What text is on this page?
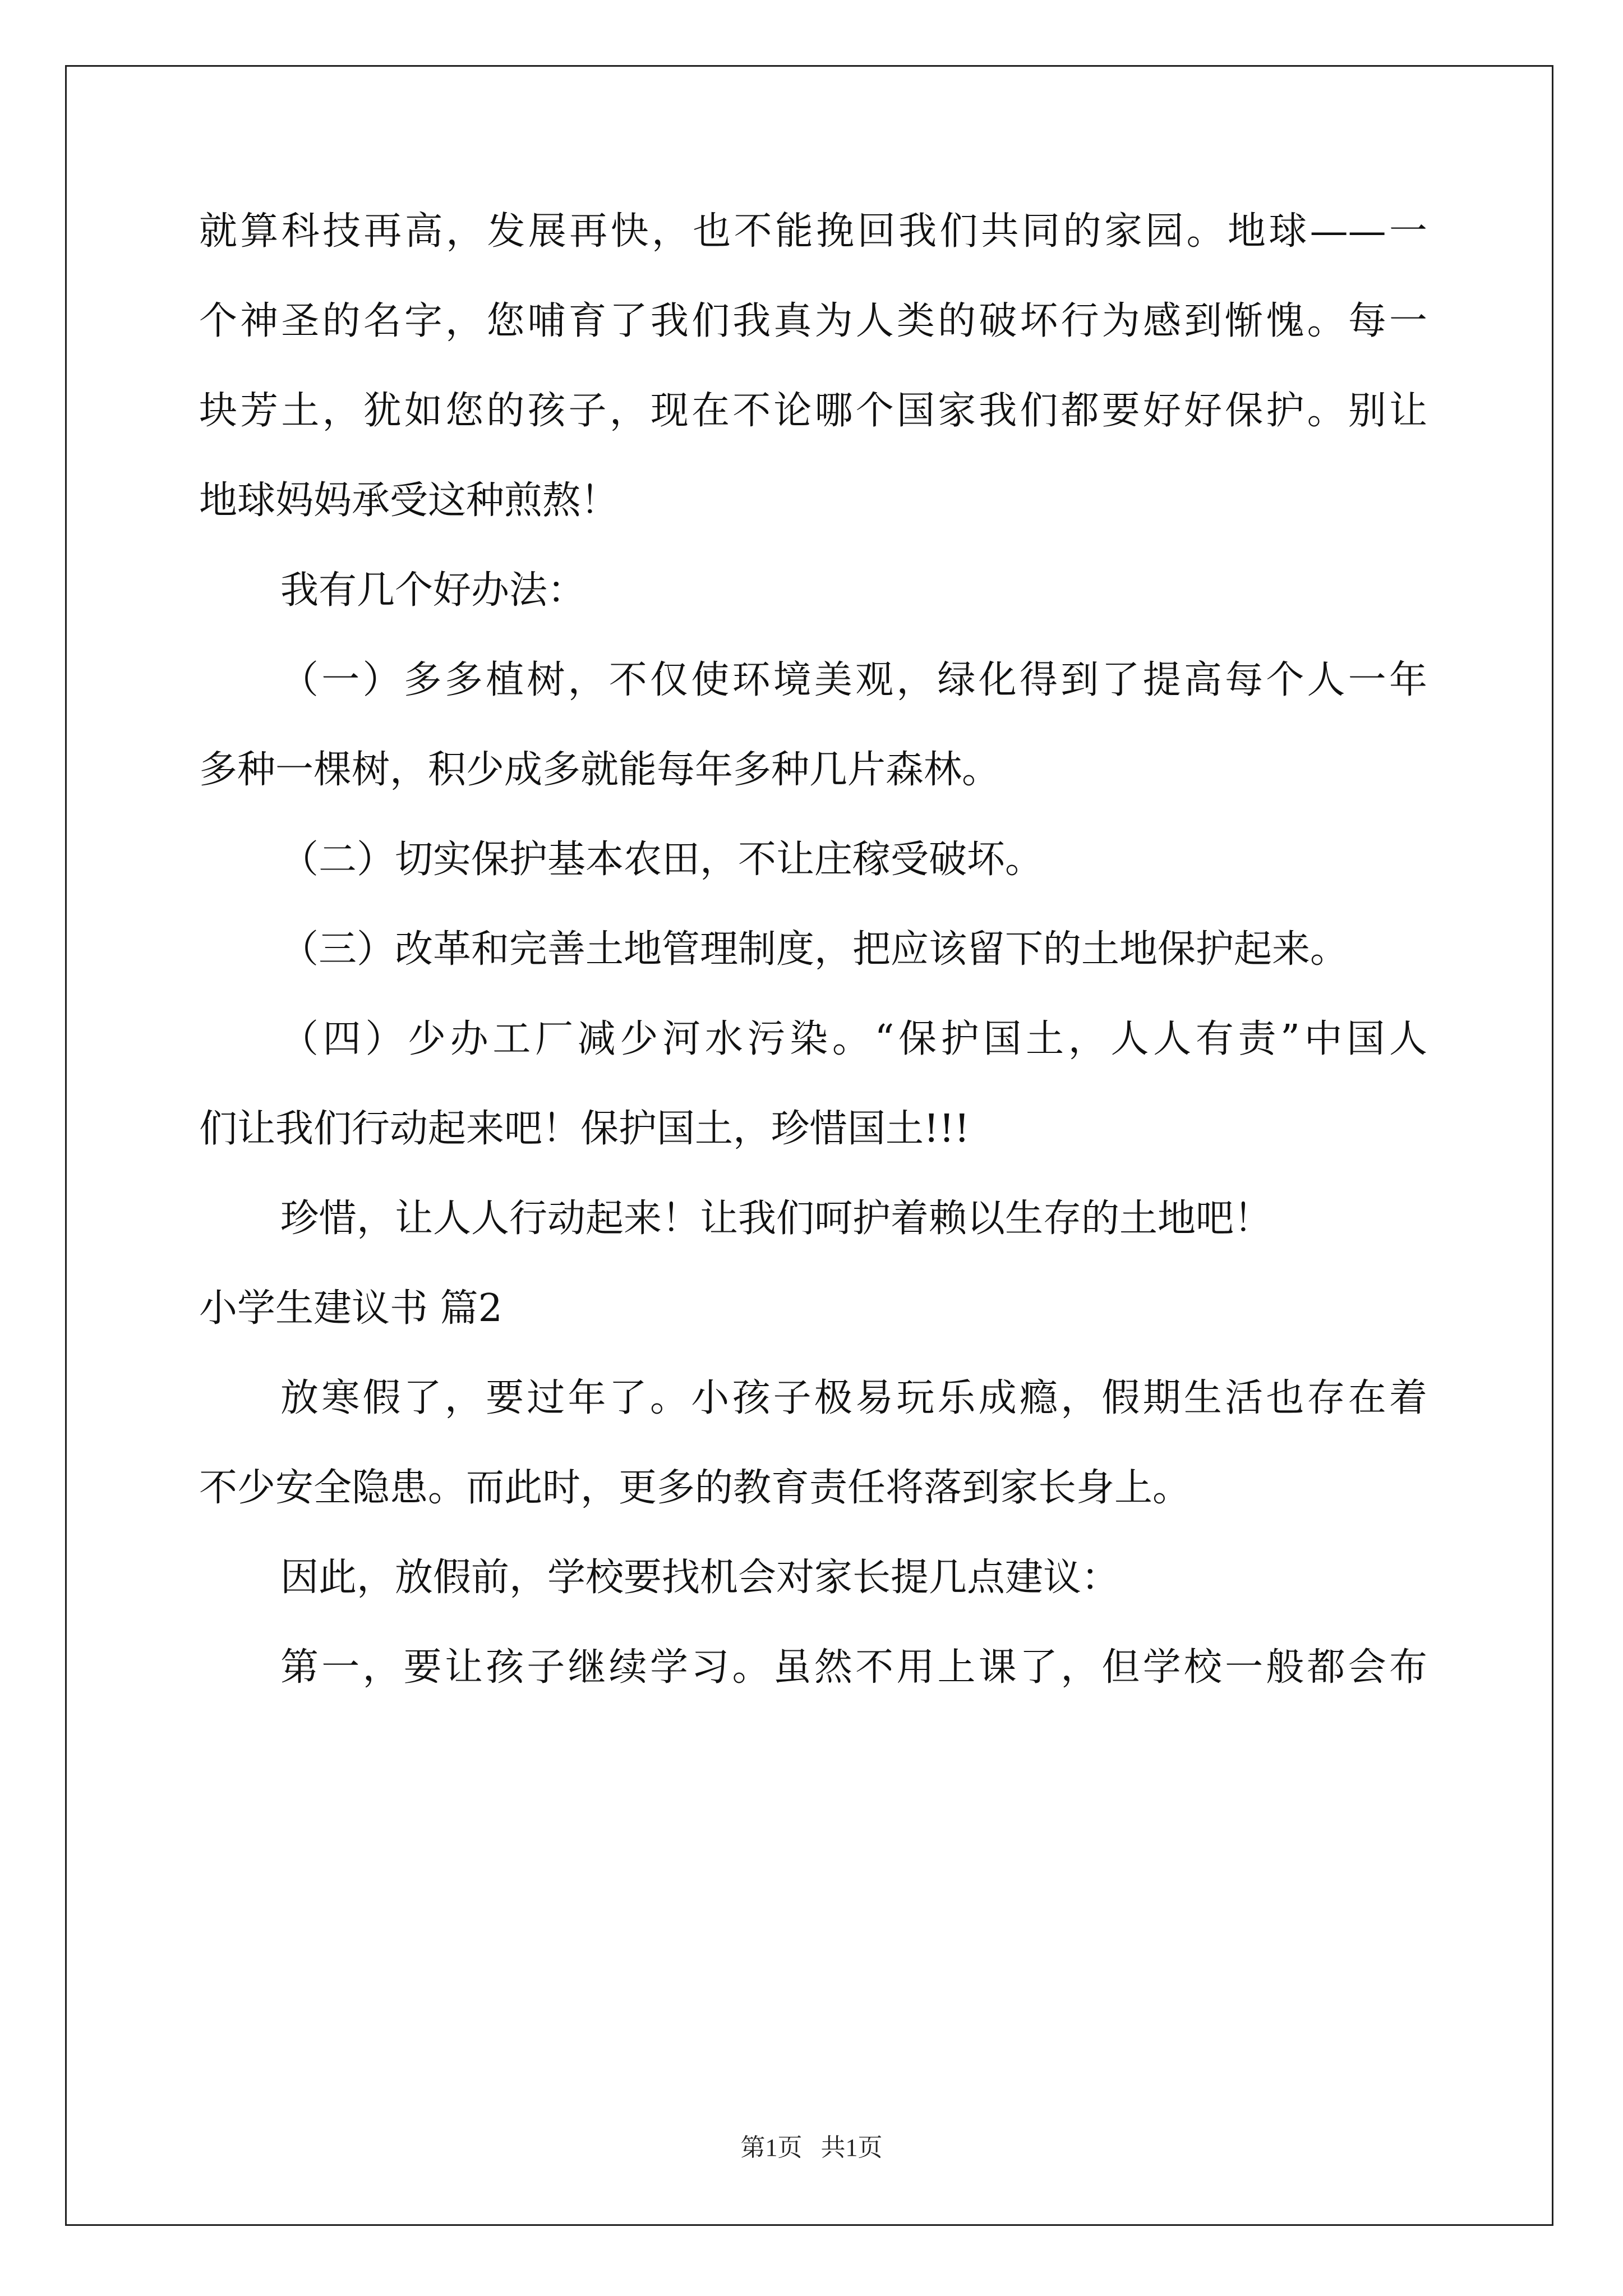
就算科技再高，发展再快，也不能挽回我们共同的家园。地球——一

个神圣的名字，您哺育了我们我真为人类的破坏行为感到惭愧。每一

块芳土，犹如您的孩子，现在不论哪个国家我们都要好好保护。别让

地球妈妈承受这种煎熬！

我有几个好办法：

（一）多多植树，不仅使环境美观，绿化得到了提高每个人一年

多种一棵树，积少成多就能每年多种几片森林。

（二）切实保护基本农田，不让庄稼受破坏。

（三）改革和完善土地管理制度，把应该留下的土地保护起来。

（四）少办工厂减少河水污染。“保护国土，人人有责”中国人

们让我们行动起来吧！保护国土，珍惜国土!!!

珍惜，让人人行动起来！让我们呵护着赖以生存的土地吧！

小学生建议书 篇2

放寒假了，要过年了。小孩子极易玩乐成瘾，假期生活也存在着

不少安全隐患。而此时，更多的教育责任将落到家长身上。

因此，放假前，学校要找机会对家长提几点建议：

第一，要让孩子继续学习。虽然不用上课了，但学校一般都会布

第1页   共1页
